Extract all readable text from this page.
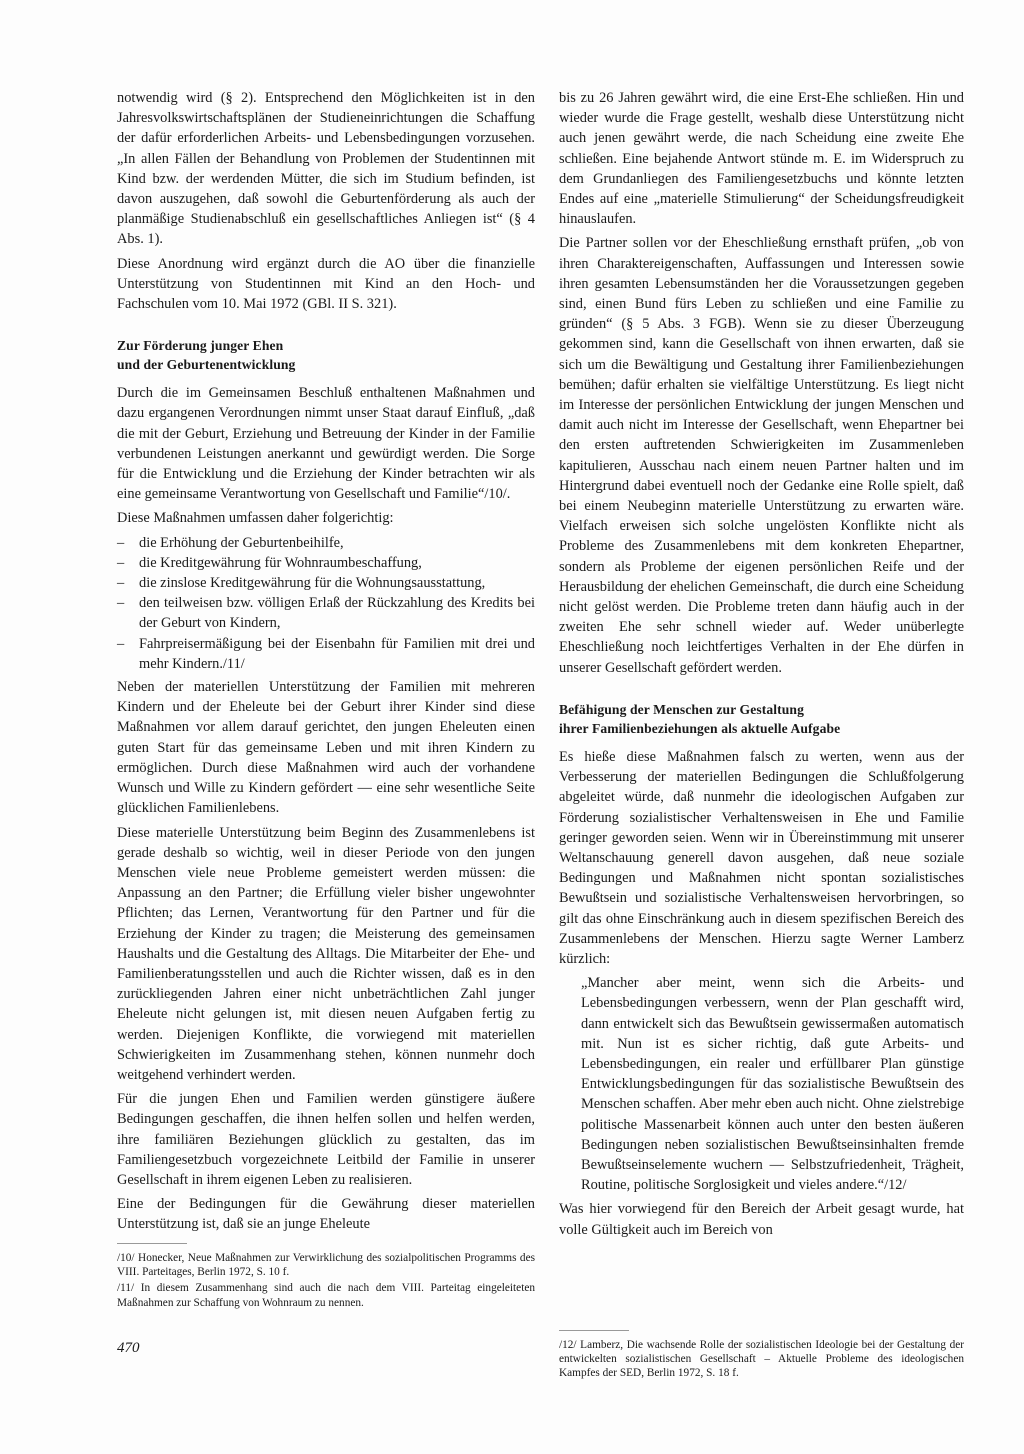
notwendig wird (§ 2). Entsprechend den Möglichkeiten ist in den Jahresvolkswirtschaftsplänen der Studieneinrichtungen die Schaffung der dafür erforderlichen Arbeits- und Lebensbedingungen vorzusehen. „In allen Fällen der Behandlung von Problemen der Studentinnen mit Kind bzw. der werdenden Mütter, die sich im Studium befinden, ist davon auszugehen, daß sowohl die Geburtenförderung als auch der planmäßige Studienabschluß ein gesellschaftliches Anliegen ist“ (§ 4 Abs. 1).

Diese Anordnung wird ergänzt durch die AO über die finanzielle Unterstützung von Studentinnen mit Kind an den Hoch- und Fachschulen vom 10. Mai 1972 (GBl. II S. 321).

Zur Förderung junger Ehen
und der Geburtenentwicklung

Durch die im Gemeinsamen Beschluß enthaltenen Maßnahmen und dazu ergangenen Verordnungen nimmt unser Staat darauf Einfluß, „daß die mit der Geburt, Erziehung und Betreuung der Kinder in der Familie verbundenen Leistungen anerkannt und gewürdigt werden. Die Sorge für die Entwicklung und die Erziehung der Kinder betrachten wir als eine gemeinsame Verantwortung von Gesellschaft und Familie“/10/.

Diese Maßnahmen umfassen daher folgerichtig:

– die Erhöhung der Geburtenbeihilfe,
– die Kreditgewährung für Wohnraumbeschaffung,
– die zinslose Kreditgewährung für die Wohnungsausstattung,
– den teilweisen bzw. völligen Erlaß der Rückzahlung des Kredits bei der Geburt von Kindern,
– Fahrpreisermäßigung bei der Eisenbahn für Familien mit drei und mehr Kindern./11/

Neben der materiellen Unterstützung der Familien mit mehreren Kindern und der Eheleute bei der Geburt ihrer Kinder sind diese Maßnahmen vor allem darauf gerichtet, den jungen Eheleuten einen guten Start für das gemeinsame Leben und mit ihren Kindern zu ermöglichen. Durch diese Maßnahmen wird auch der vorhandene Wunsch und Wille zu Kindern gefördert — eine sehr wesentliche Seite glücklichen Familienlebens.

Diese materielle Unterstützung beim Beginn des Zusammenlebens ist gerade deshalb so wichtig, weil in dieser Periode von den jungen Menschen viele neue Probleme gemeistert werden müssen: die Anpassung an den Partner; die Erfüllung vieler bisher ungewohnter Pflichten; das Lernen, Verantwortung für den Partner und für die Erziehung der Kinder zu tragen; die Meisterung des gemeinsamen Haushalts und die Gestaltung des Alltags. Die Mitarbeiter der Ehe- und Familienberatungsstellen und auch die Richter wissen, daß es in den zurückliegenden Jahren einer nicht unbeträchtlichen Zahl junger Eheleute nicht gelungen ist, mit diesen neuen Aufgaben fertig zu werden. Diejenigen Konflikte, die vorwiegend mit materiellen Schwierigkeiten im Zusammenhang stehen, können nunmehr doch weitgehend verhindert werden.

Für die jungen Ehen und Familien werden günstigere äußere Bedingungen geschaffen, die ihnen helfen sollen und helfen werden, ihre familiären Beziehungen glücklich zu gestalten, das im Familiengesetzbuch vorgezeichnete Leitbild der Familie in unserer Gesellschaft in ihrem eigenen Leben zu realisieren.

Eine der Bedingungen für die Gewährung dieser materiellen Unterstützung ist, daß sie an junge Eheleute

bis zu 26 Jahren gewährt wird, die eine Erst-Ehe schließen. Hin und wieder wurde die Frage gestellt, weshalb diese Unterstützung nicht auch jenen gewährt werde, die nach Scheidung eine zweite Ehe schließen. Eine bejahende Antwort stünde m. E. im Widerspruch zu dem Grundanliegen des Familiengesetzbuchs und könnte letzten Endes auf eine „materielle Stimulierung“ der Scheidungsfreudigkeit hinauslaufen.

Die Partner sollen vor der Eheschließung ernsthaft prüfen, „ob von ihren Charaktereigenschaften, Auffassungen und Interessen sowie ihren gesamten Lebensumständen her die Voraussetzungen gegeben sind, einen Bund fürs Leben zu schließen und eine Familie zu gründen“ (§ 5 Abs. 3 FGB). Wenn sie zu dieser Überzeugung gekommen sind, kann die Gesellschaft von ihnen erwarten, daß sie sich um die Bewältigung und Gestaltung ihrer Familienbeziehungen bemühen; dafür erhalten sie vielfältige Unterstützung. Es liegt nicht im Interesse der persönlichen Entwicklung der jungen Menschen und damit auch nicht im Interesse der Gesellschaft, wenn Ehepartner bei den ersten auftretenden Schwierigkeiten im Zusammenleben kapitulieren, Ausschau nach einem neuen Partner halten und im Hintergrund dabei eventuell noch der Gedanke eine Rolle spielt, daß bei einem Neubeginn materielle Unterstützung zu erwarten wäre. Vielfach erweisen sich solche ungelösten Konflikte nicht als Probleme des Zusammenlebens mit dem konkreten Ehepartner, sondern als Probleme der eigenen persönlichen Reife und der Herausbildung der ehelichen Gemeinschaft, die durch eine Scheidung nicht gelöst werden. Die Probleme treten dann häufig auch in der zweiten Ehe sehr schnell wieder auf. Weder unüberlegte Eheschließung noch leichtfertiges Verhalten in der Ehe dürfen in unserer Gesellschaft gefördert werden.

Befähigung der Menschen zur Gestaltung
ihrer Familienbeziehungen als aktuelle Aufgabe

Es hieße diese Maßnahmen falsch zu werten, wenn aus der Verbesserung der materiellen Bedingungen die Schlußfolgerung abgeleitet würde, daß nunmehr die ideologischen Aufgaben zur Förderung sozialistischer Verhaltensweisen in Ehe und Familie geringer geworden seien. Wenn wir in Übereinstimmung mit unserer Weltanschauung generell davon ausgehen, daß neue soziale Bedingungen und Maßnahmen nicht spontan sozialistisches Bewußtsein und sozialistische Verhaltensweisen hervorbringen, so gilt das ohne Einschränkung auch in diesem spezifischen Bereich des Zusammenlebens der Menschen. Hierzu sagte Werner Lamberz kürzlich:

„Mancher aber meint, wenn sich die Arbeits- und Lebensbedingungen verbessern, wenn der Plan geschafft wird, dann entwickelt sich das Bewußtsein gewissermaßen automatisch mit. Nun ist es sicher richtig, daß gute Arbeits- und Lebensbedingungen, ein realer und erfüllbarer Plan günstige Entwicklungsbedingungen für das sozialistische Bewußtsein des Menschen schaffen. Aber mehr eben auch nicht. Ohne zielstrebige politische Massenarbeit können auch unter den besten äußeren Bedingungen neben sozialistischen Bewußtseinsinhalten fremde Bewußtseinselemente wuchern — Selbstzufriedenheit, Trägheit, Routine, politische Sorglosigkeit und vieles andere.“/12/

Was hier vorwiegend für den Bereich der Arbeit gesagt wurde, hat volle Gültigkeit auch im Bereich von

/10/ Honecker, Neue Maßnahmen zur Verwirklichung des sozialpolitischen Programms des VIII. Parteitages, Berlin 1972, S. 10 f.

/11/ In diesem Zusammenhang sind auch die nach dem VIII. Parteitag eingeleiteten Maßnahmen zur Schaffung von Wohnraum zu nennen.

/12/ Lamberz, Die wachsende Rolle der sozialistischen Ideologie bei der Gestaltung der entwickelten sozialistischen Gesellschaft – Aktuelle Probleme des ideologischen Kampfes der SED, Berlin 1972, S. 18 f.

470
